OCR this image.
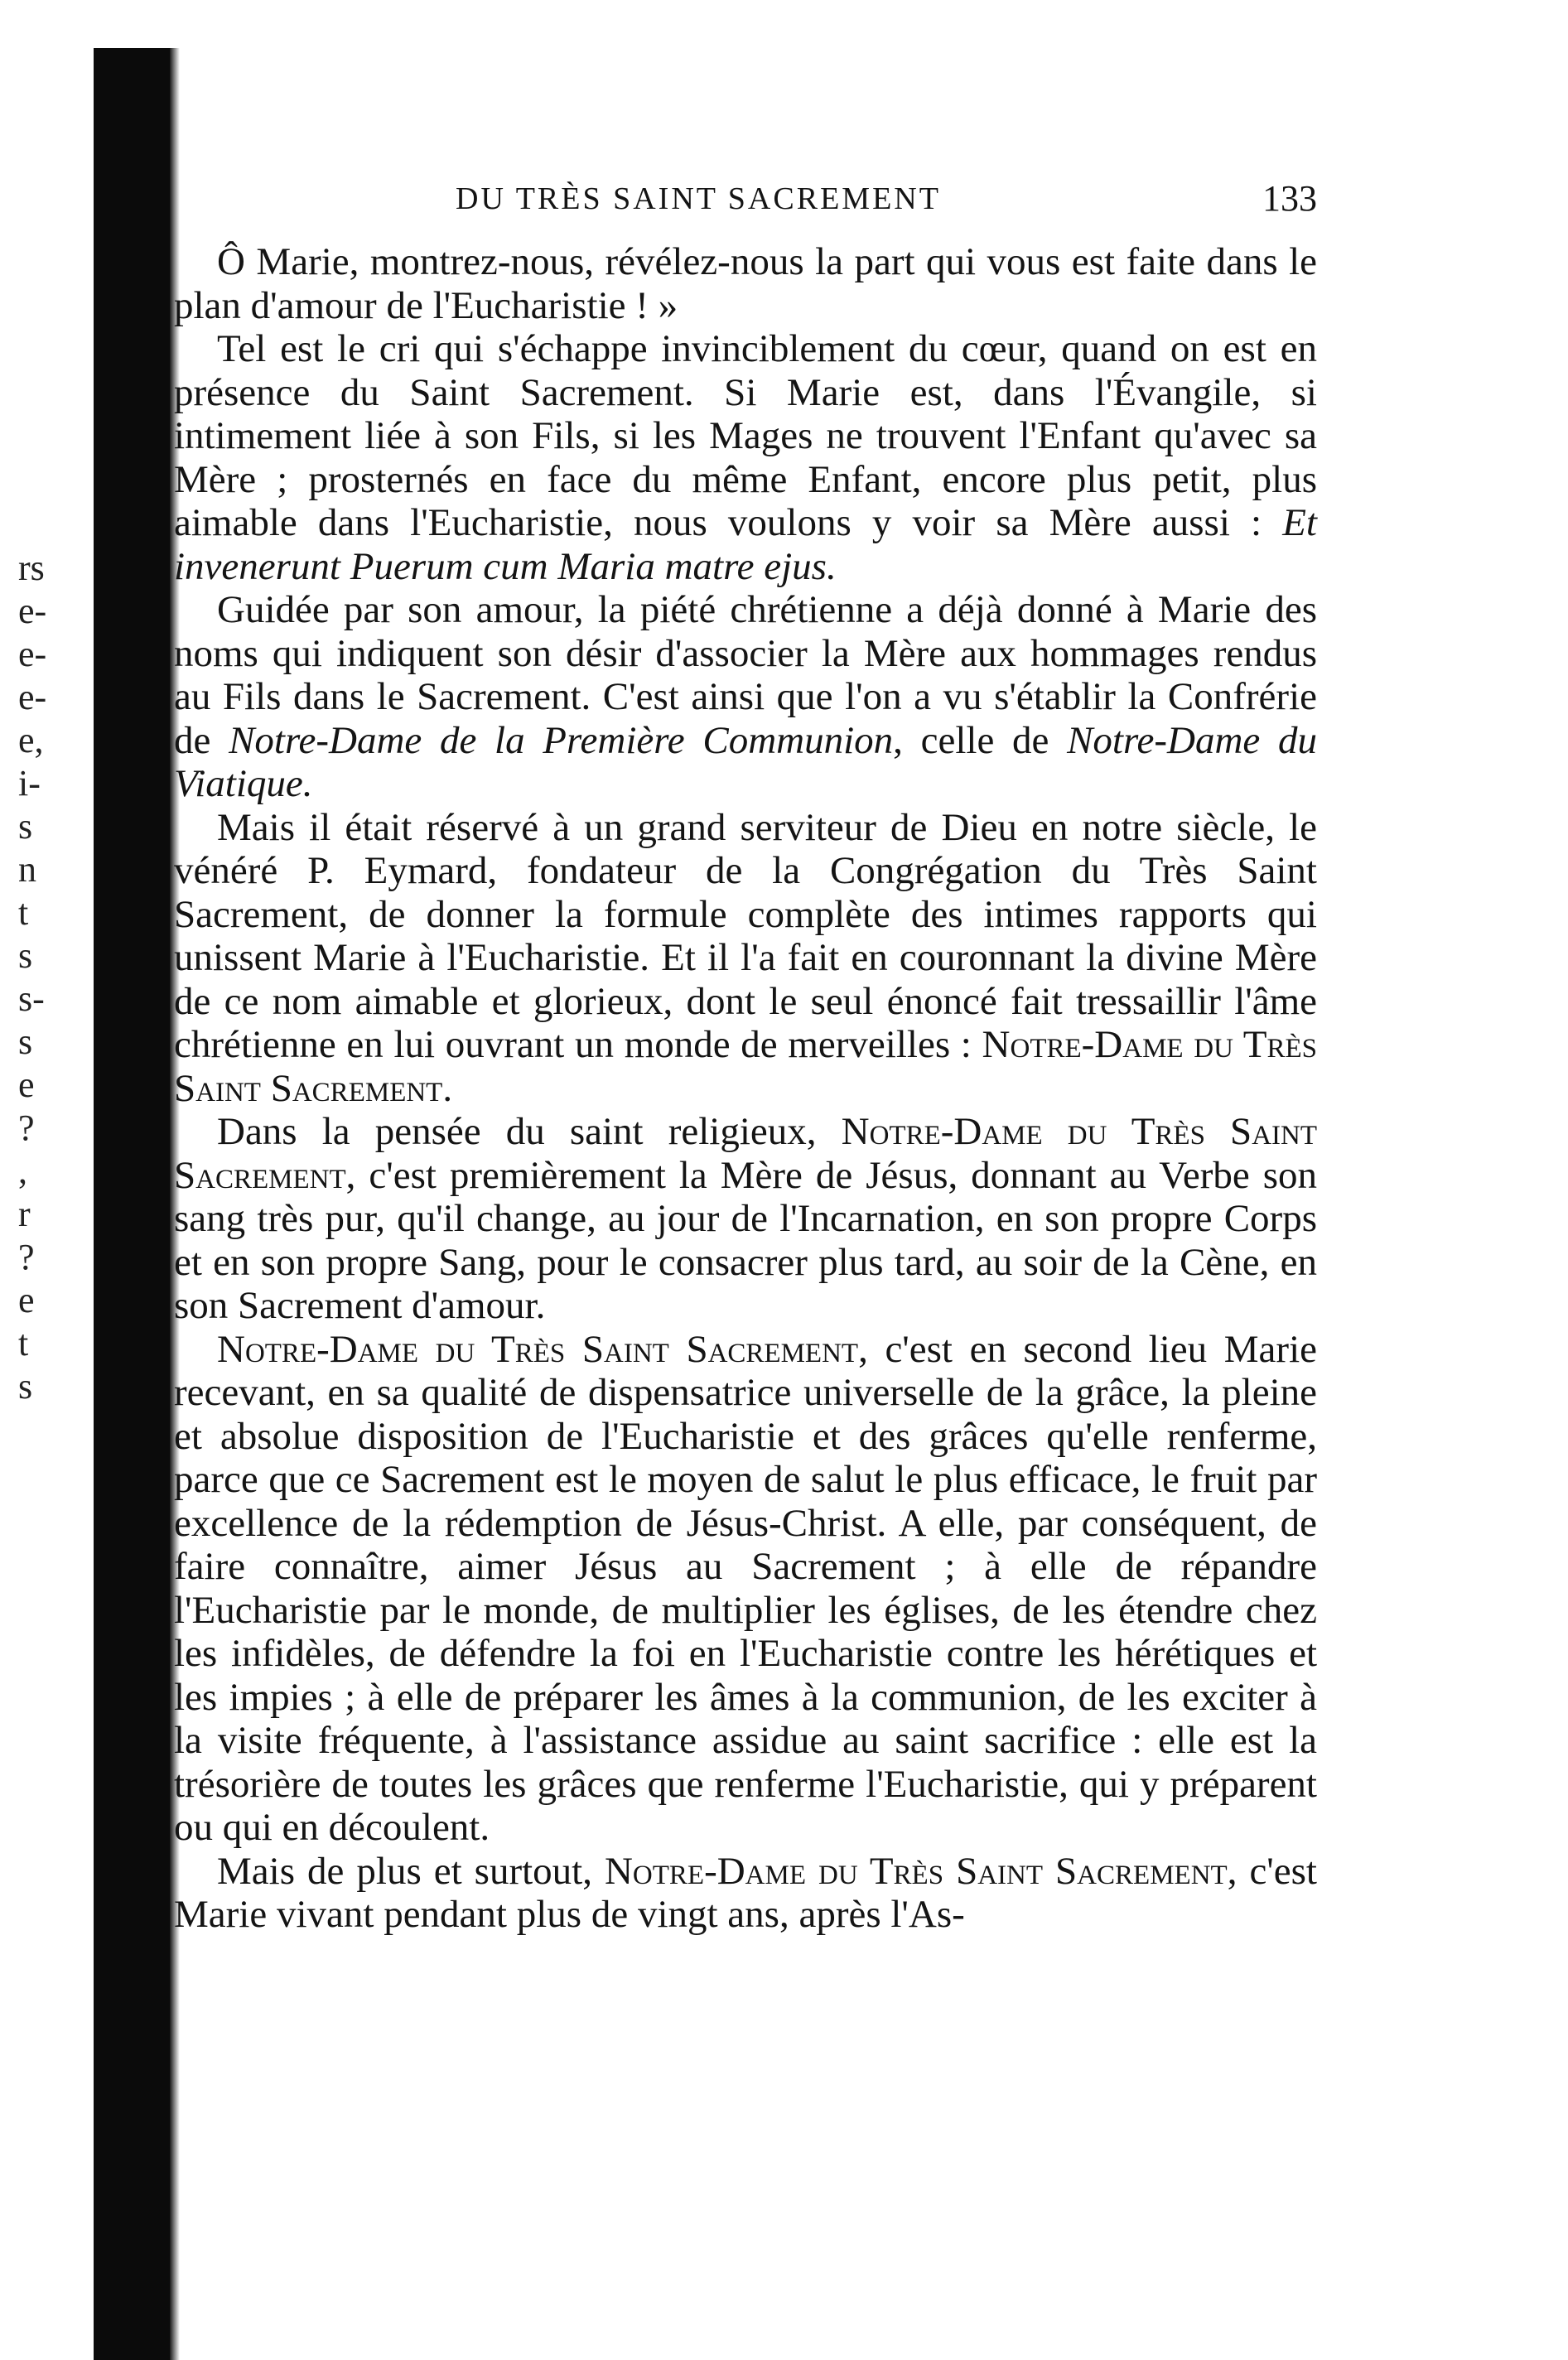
rs
e-
e-
e-
e,
i-
s
n
t
s
s-
s
e
?
,
r
?
e
t
s
DU TRÈS SAINT SACREMENT	133

Ô Marie, montrez-nous, révélez-nous la part qui vous est faite dans le plan d'amour de l'Eucharistie ! »

Tel est le cri qui s'échappe invinciblement du cœur, quand on est en présence du Saint Sacrement. Si Marie est, dans l'Évangile, si intimement liée à son Fils, si les Mages ne trouvent l'Enfant qu'avec sa Mère ; prosternés en face du même Enfant, encore plus petit, plus aimable dans l'Eucharistie, nous voulons y voir sa Mère aussi : Et invenerunt Puerum cum Maria matre ejus.

Guidée par son amour, la piété chrétienne a déjà donné à Marie des noms qui indiquent son désir d'associer la Mère aux hommages rendus au Fils dans le Sacrement. C'est ainsi que l'on a vu s'établir la Confrérie de Notre-Dame de la Première Communion, celle de Notre-Dame du Viatique.

Mais il était réservé à un grand serviteur de Dieu en notre siècle, le vénéré P. Eymard, fondateur de la Congrégation du Très Saint Sacrement, de donner la formule complète des intimes rapports qui unissent Marie à l'Eucharistie. Et il l'a fait en couronnant la divine Mère de ce nom aimable et glorieux, dont le seul énoncé fait tressaillir l'âme chrétienne en lui ouvrant un monde de merveilles : Notre-Dame du Très Saint Sacrement.

Dans la pensée du saint religieux, Notre-Dame du Très Saint Sacrement, c'est premièrement la Mère de Jésus, donnant au Verbe son sang très pur, qu'il change, au jour de l'Incarnation, en son propre Corps et en son propre Sang, pour le consacrer plus tard, au soir de la Cène, en son Sacrement d'amour.

Notre-Dame du Très Saint Sacrement, c'est en second lieu Marie recevant, en sa qualité de dispensatrice universelle de la grâce, la pleine et absolue disposition de l'Eucharistie et des grâces qu'elle renferme, parce que ce Sacrement est le moyen de salut le plus efficace, le fruit par excellence de la rédemption de Jésus-Christ. A elle, par conséquent, de faire connaître, aimer Jésus au Sacrement ; à elle de répandre l'Eucharistie par le monde, de multiplier les églises, de les étendre chez les infidèles, de défendre la foi en l'Eucharistie contre les hérétiques et les impies ; à elle de préparer les âmes à la communion, de les exciter à la visite fréquente, à l'assistance assidue au saint sacrifice : elle est la trésorière de toutes les grâces que renferme l'Eucharistie, qui y préparent ou qui en découlent.

Mais de plus et surtout, Notre-Dame du Très Saint Sacrement, c'est Marie vivant pendant plus de vingt ans, après l'As-
